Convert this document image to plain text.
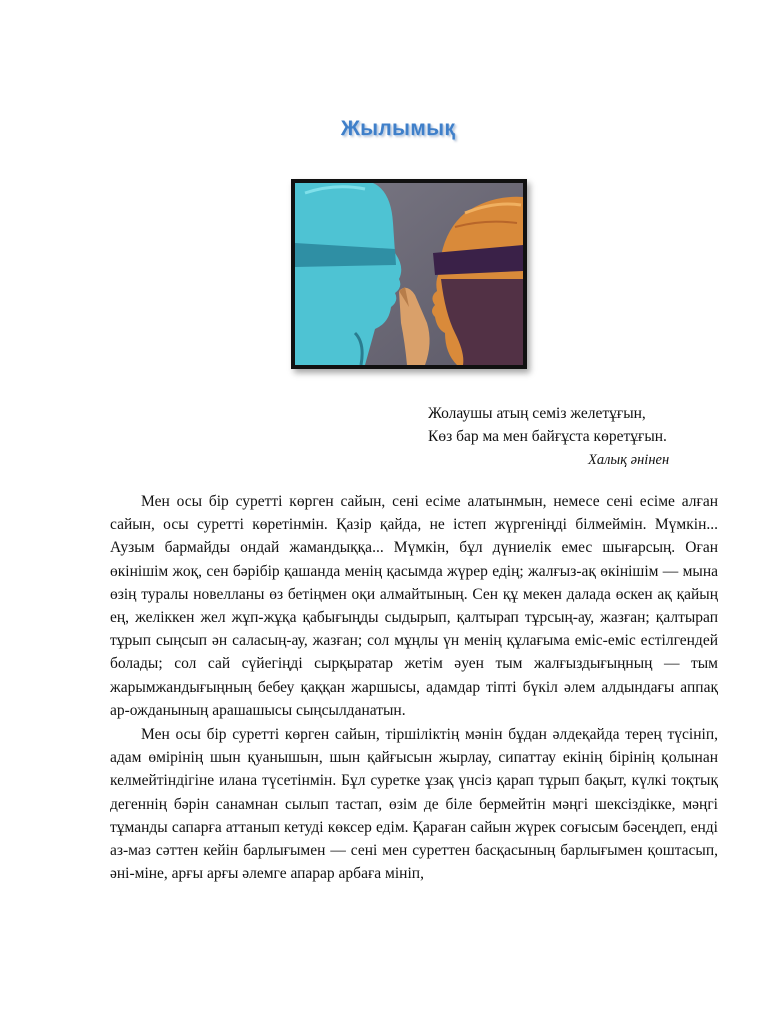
Жылымық
Жолаушы атың семіз желетұғын,
Көз бар ма мен байғұста көретұғын.
Халық әнінен

Мен осы бір суретті көрген сайын, сені есіме алатынмын, немесе сені есіме алған сайын, осы суретті көретінмін. Қазір қайда, не істеп жүргеніңді білмеймін. Мүмкін... Аузым бармайды ондай жамандыққа... Мүмкін, бұл дүниелік емес шығарсың. Оған өкінішім жоқ, сен бәрібір қашанда менің қасымда жүрер едің; жалғыз-ақ өкінішім — мына өзің туралы новелланы өз бетіңмен оқи алмайтының. Сен құ мекен далада өскен ақ қайың ең, желіккен жел жұп-жұқа қабығыңды сыдырып, қалтырап тұрсың-ау, жазған; қалтырап тұрып сыңсып ән саласың-ау, жазған; сол мұңлы үн менің құлағыма еміс-еміс естілгендей болады; сол сай сүйегіңді сырқыратар жетім әуен тым жалғыздығыңның — тым жарымжандығыңның бебеу қаққан жаршысы, адамдар тіпті бүкіл әлем алдындағы аппақ ар-ожданының арашашысы сыңсылданатын.

Мен осы бір суретті көрген сайын, тіршіліктің мәнін бұдан әлдеқайда терең түсініп, адам өмірінің шын қуанышын, шын қайғысын жырлау, сипаттау екінің бірінің қолынан келмейтіндігіне илана түсетінмін. Бұл суретке ұзақ үнсіз қарап тұрып бақыт, күлкі тоқтық дегеннің бәрін санамнан сылып тастап, өзім де біле бермейтін мәңгі шексіздікке, мәңгі тұманды сапарға аттанып кетуді көксер едім. Қараған сайын жүрек соғысым бәсеңдеп, енді аз-маз сәттен кейін барлығымен — сені мен суреттен басқасының барлығымен қоштасып, әні-міне, арғы арғы әлемге апарар арбаға мініп,
